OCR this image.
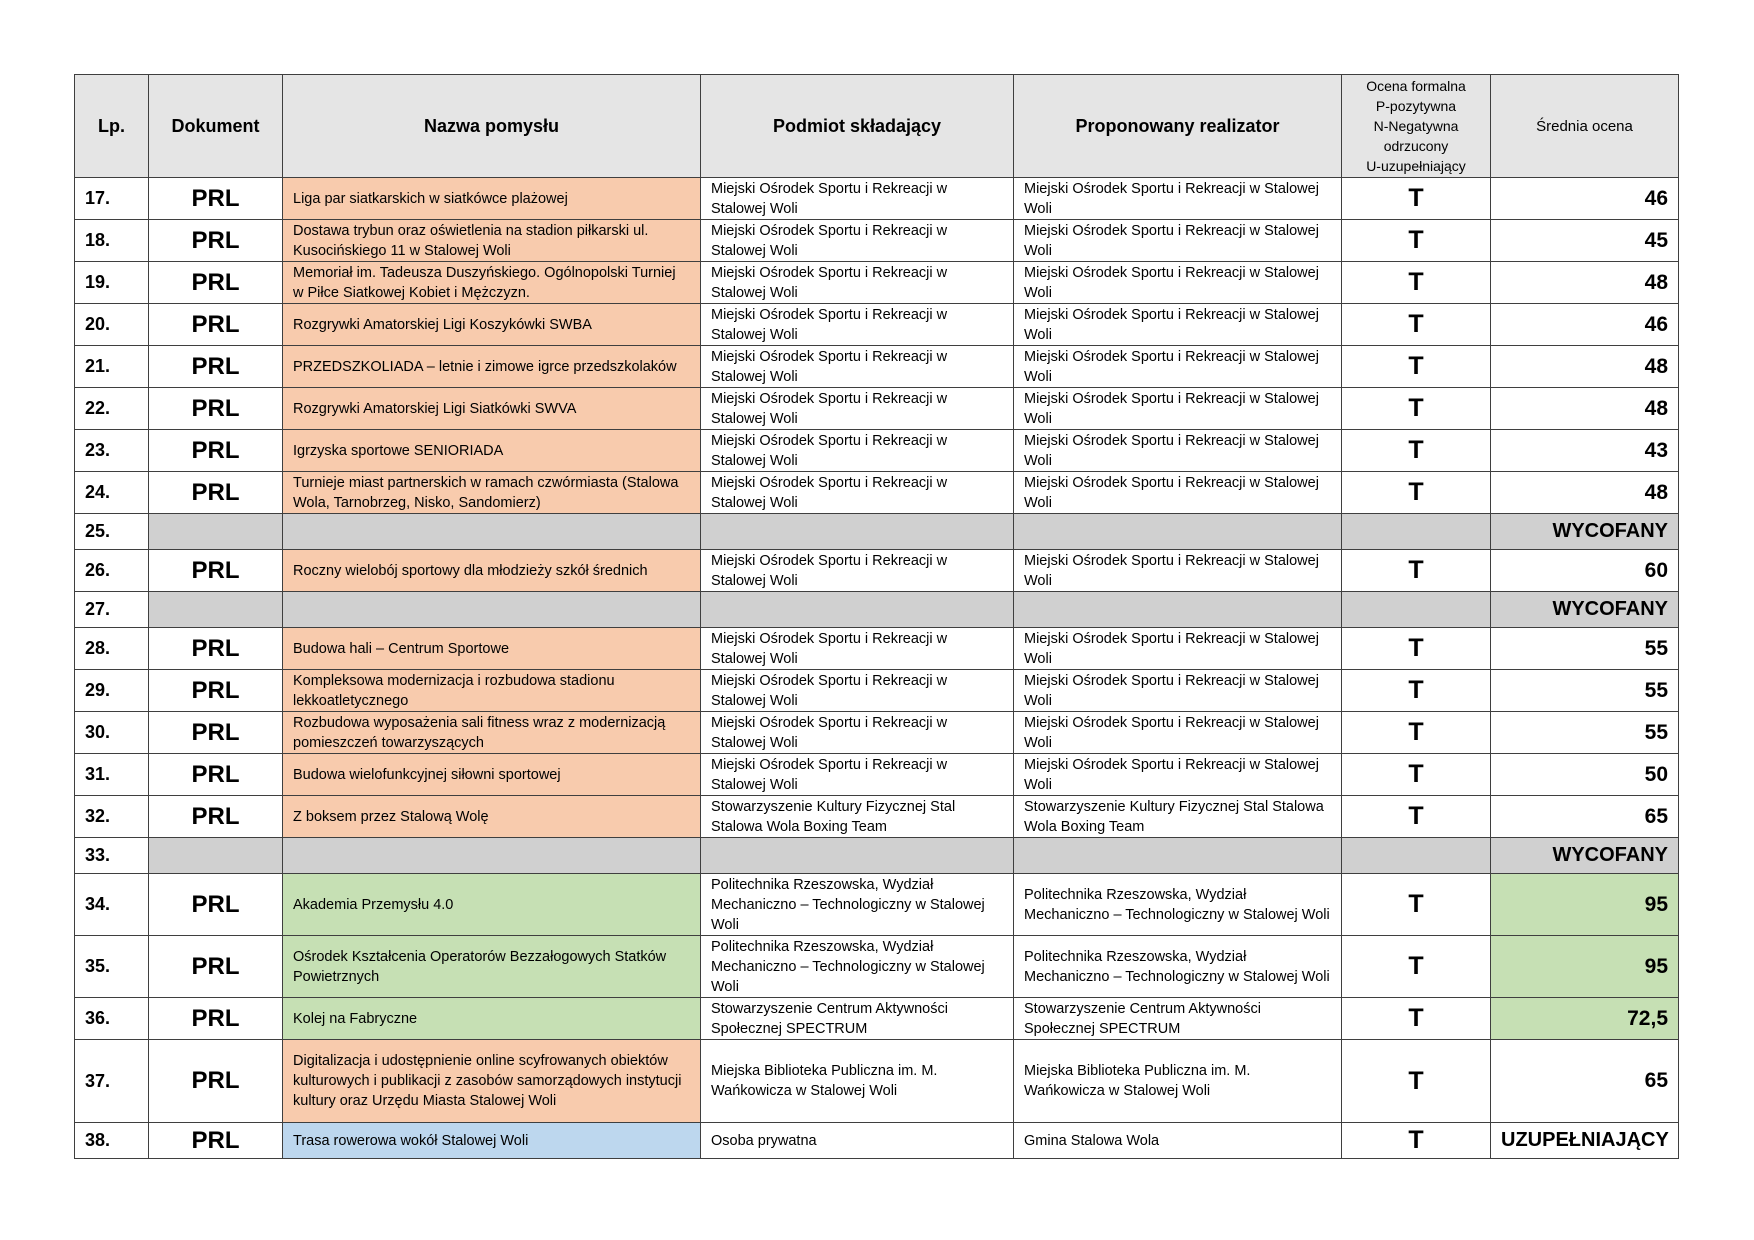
Lp.	Dokument	Nazwa pomysłu	Podmiot składający	Proponowany realizator	Ocena formalna
P-pozytywna
N-Negatywna
odrzucony
U-uzupełniający	Średnia ocena
17.	PRL	Liga par siatkarskich w siatkówce plażowej	Miejski Ośrodek Sportu i Rekreacji w Stalowej Woli	Miejski Ośrodek Sportu i Rekreacji w Stalowej Woli	T	46
18.	PRL	Dostawa trybun oraz oświetlenia na stadion piłkarski ul. Kusocińskiego 11 w Stalowej Woli	Miejski Ośrodek Sportu i Rekreacji w Stalowej Woli	Miejski Ośrodek Sportu i Rekreacji w Stalowej Woli	T	45
19.	PRL	Memoriał im. Tadeusza Duszyńskiego. Ogólnopolski Turniej w Piłce Siatkowej Kobiet i Mężczyzn.	Miejski Ośrodek Sportu i Rekreacji w Stalowej Woli	Miejski Ośrodek Sportu i Rekreacji w Stalowej Woli	T	48
20.	PRL	Rozgrywki Amatorskiej Ligi Koszykówki SWBA	Miejski Ośrodek Sportu i Rekreacji w Stalowej Woli	Miejski Ośrodek Sportu i Rekreacji w Stalowej Woli	T	46
21.	PRL	PRZEDSZKOLIADA – letnie i zimowe igrce przedszkolaków	Miejski Ośrodek Sportu i Rekreacji w Stalowej Woli	Miejski Ośrodek Sportu i Rekreacji w Stalowej Woli	T	48
22.	PRL	Rozgrywki Amatorskiej Ligi Siatkówki SWVA	Miejski Ośrodek Sportu i Rekreacji w Stalowej Woli	Miejski Ośrodek Sportu i Rekreacji w Stalowej Woli	T	48
23.	PRL	Igrzyska sportowe SENIORIADA	Miejski Ośrodek Sportu i Rekreacji w Stalowej Woli	Miejski Ośrodek Sportu i Rekreacji w Stalowej Woli	T	43
24.	PRL	Turnieje miast partnerskich w ramach czwórmiasta (Stalowa Wola, Tarnobrzeg, Nisko, Sandomierz)	Miejski Ośrodek Sportu i Rekreacji w Stalowej Woli	Miejski Ośrodek Sportu i Rekreacji w Stalowej Woli	T	48
25.						WYCOFANY
26.	PRL	Roczny wielobój sportowy dla młodzieży szkół średnich	Miejski Ośrodek Sportu i Rekreacji w Stalowej Woli	Miejski Ośrodek Sportu i Rekreacji w Stalowej Woli	T	60
27.						WYCOFANY
28.	PRL	Budowa hali – Centrum Sportowe	Miejski Ośrodek Sportu i Rekreacji w Stalowej Woli	Miejski Ośrodek Sportu i Rekreacji w Stalowej Woli	T	55
29.	PRL	Kompleksowa modernizacja i rozbudowa stadionu lekkoatletycznego	Miejski Ośrodek Sportu i Rekreacji w Stalowej Woli	Miejski Ośrodek Sportu i Rekreacji w Stalowej Woli	T	55
30.	PRL	Rozbudowa wyposażenia sali fitness wraz z modernizacją pomieszczeń towarzyszących	Miejski Ośrodek Sportu i Rekreacji w Stalowej Woli	Miejski Ośrodek Sportu i Rekreacji w Stalowej Woli	T	55
31.	PRL	Budowa wielofunkcyjnej siłowni sportowej	Miejski Ośrodek Sportu i Rekreacji w Stalowej Woli	Miejski Ośrodek Sportu i Rekreacji w Stalowej Woli	T	50
32.	PRL	Z boksem przez Stalową Wolę	Stowarzyszenie Kultury Fizycznej Stal Stalowa Wola Boxing Team	Stowarzyszenie Kultury Fizycznej Stal Stalowa Wola Boxing Team	T	65
33.						WYCOFANY
34.	PRL	Akademia Przemysłu 4.0	Politechnika Rzeszowska, Wydział Mechaniczno – Technologiczny w Stalowej Woli	Politechnika Rzeszowska, Wydział Mechaniczno – Technologiczny w Stalowej Woli	T	95
35.	PRL	Ośrodek Kształcenia Operatorów Bezzałogowych Statków Powietrznych	Politechnika Rzeszowska, Wydział Mechaniczno – Technologiczny w Stalowej Woli	Politechnika Rzeszowska, Wydział Mechaniczno – Technologiczny w Stalowej Woli	T	95
36.	PRL	Kolej na Fabryczne	Stowarzyszenie Centrum Aktywności Społecznej SPECTRUM	Stowarzyszenie Centrum Aktywności Społecznej SPECTRUM	T	72,5
37.	PRL	Digitalizacja i udostępnienie online scyfrowanych obiektów kulturowych i publikacji z zasobów samorządowych instytucji kultury oraz Urzędu Miasta Stalowej Woli	Miejska Biblioteka Publiczna im. M. Wańkowicza w Stalowej Woli	Miejska Biblioteka Publiczna im. M. Wańkowicza w Stalowej Woli	T	65
38.	PRL	Trasa rowerowa wokół Stalowej Woli	Osoba prywatna	Gmina Stalowa Wola	T	UZUPEŁNIAJĄCY
